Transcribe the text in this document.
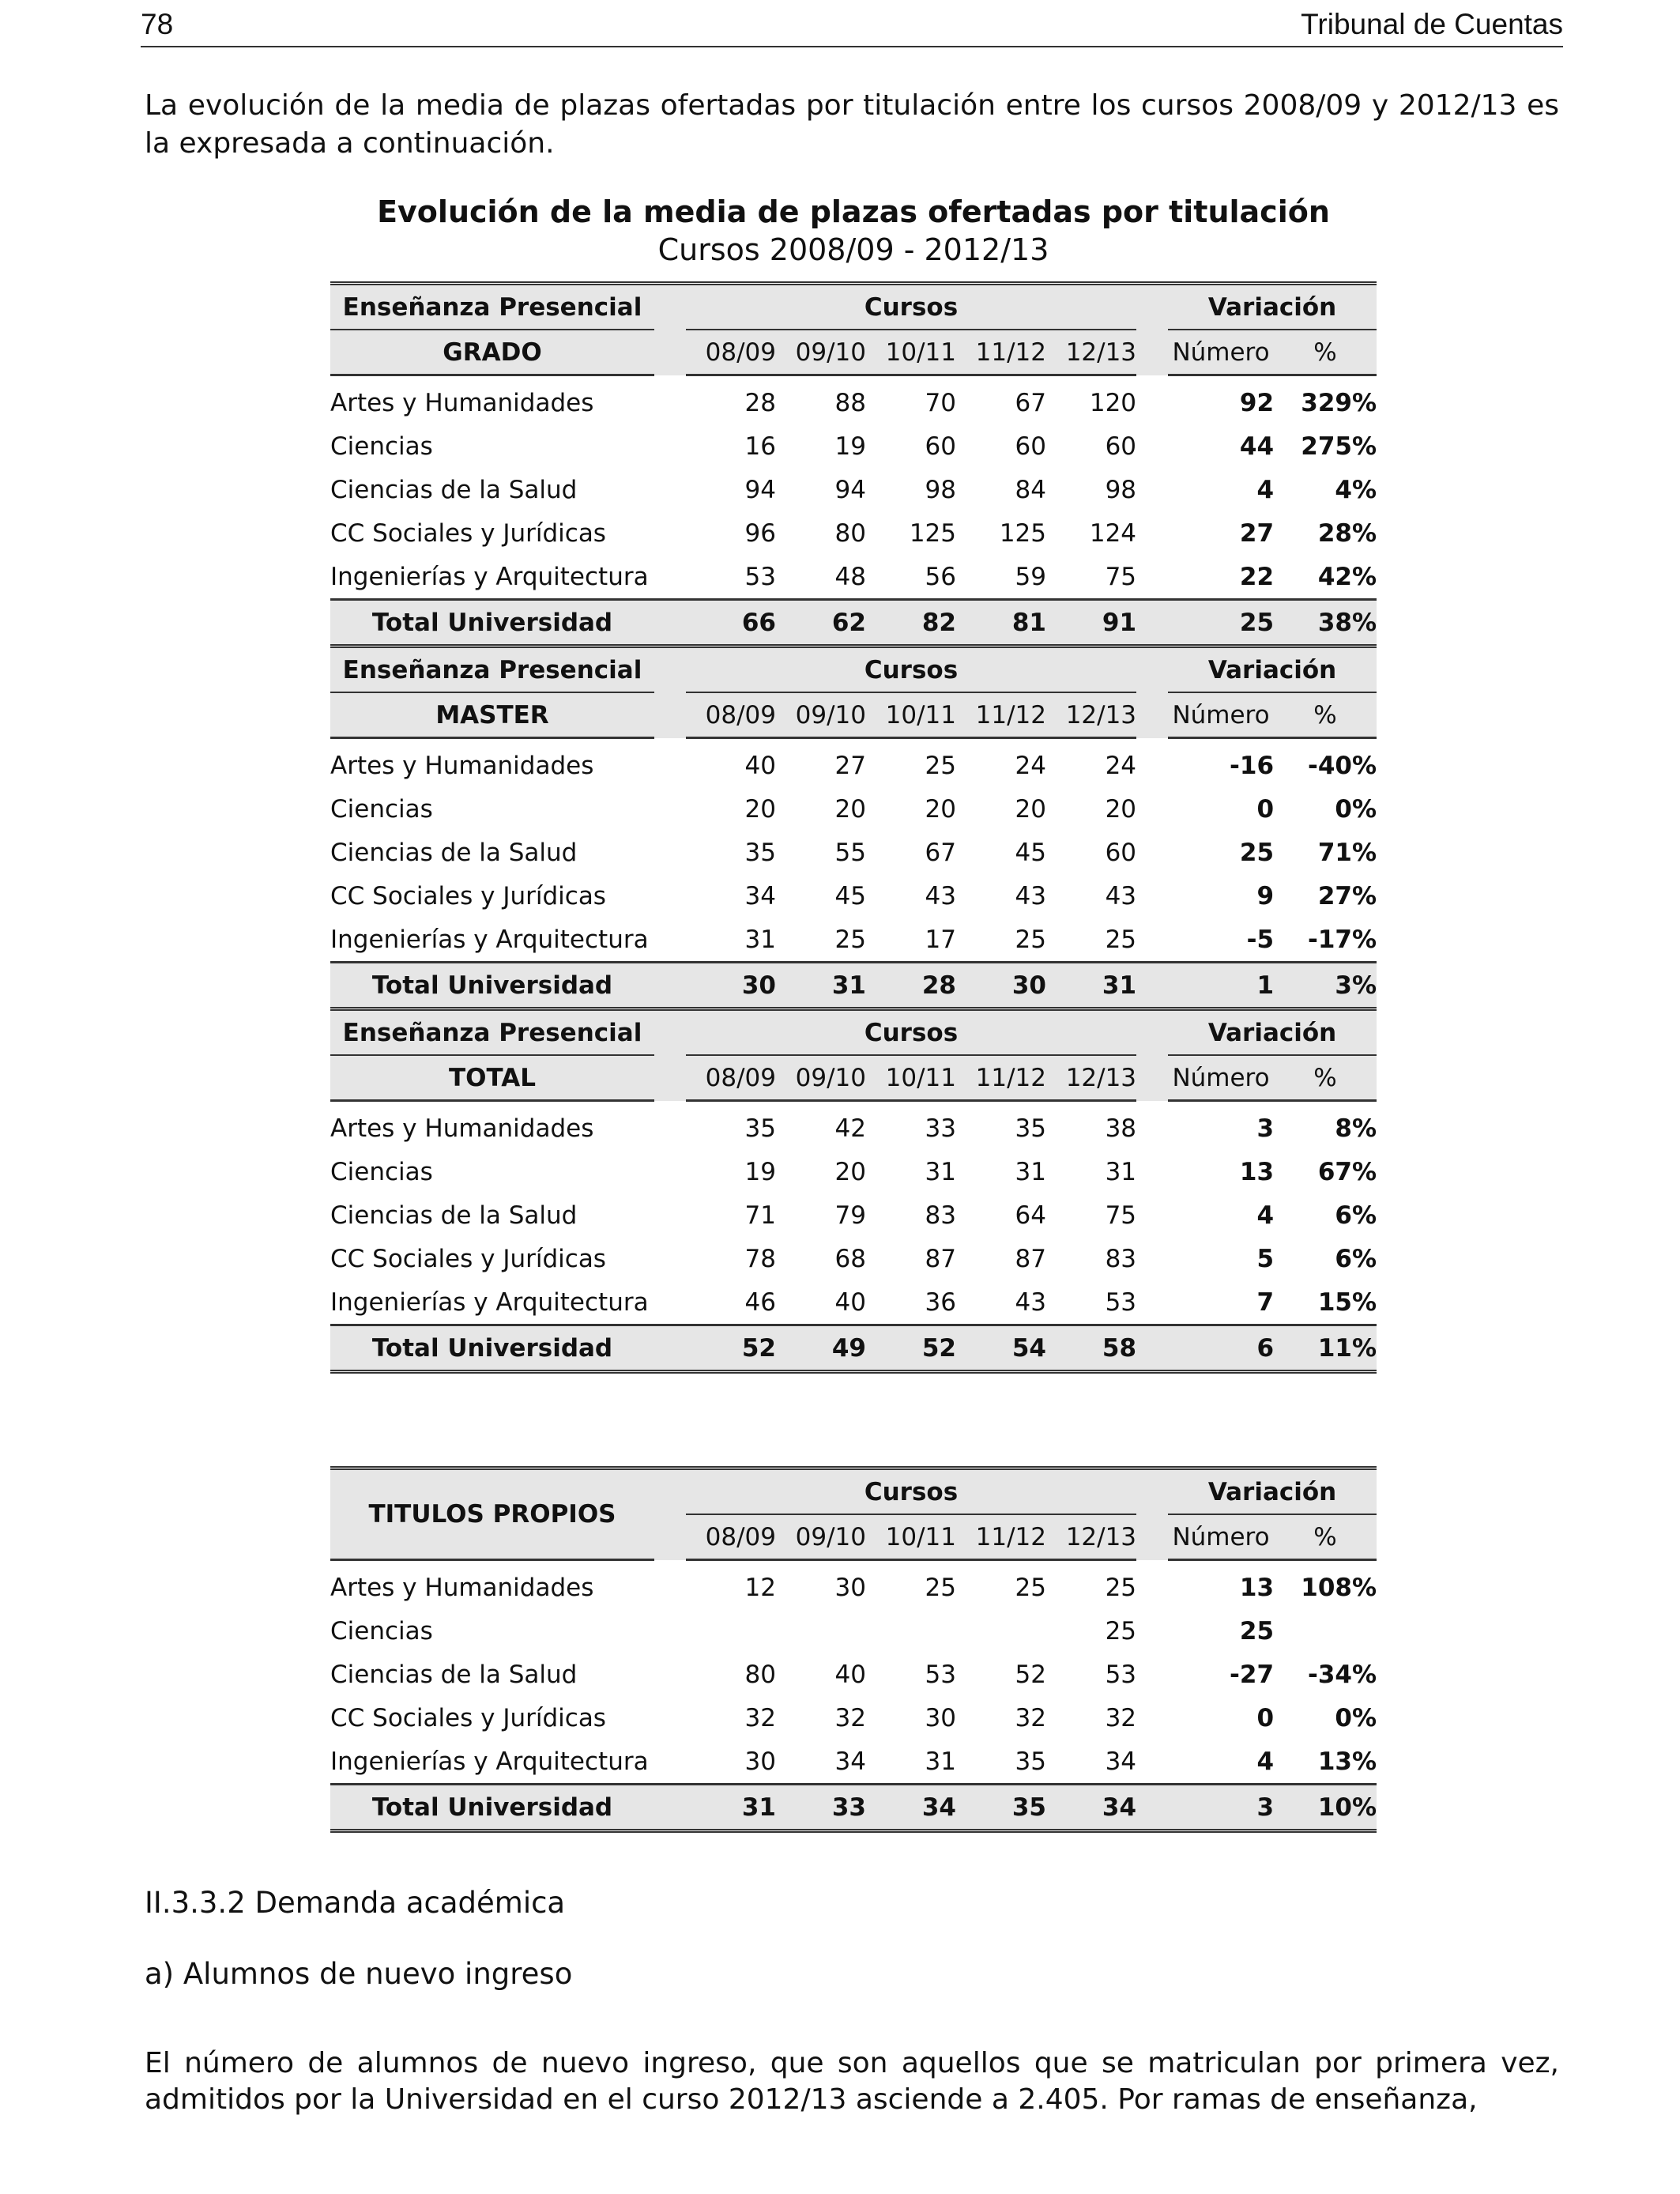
78	Tribunal de Cuentas
La evolución de la media de plazas ofertadas por titulación entre los cursos 2008/09 y 2012/13 es la expresada a continuación.
Evolución de la media de plazas ofertadas por titulación
Cursos 2008/09 - 2012/13
Enseñanza Presencial		Cursos						Variación	
GRADO		08/09	09/10	10/11	11/12	12/13		Número	%
Artes y Humanidades		28	88	70	67	120		92	329%
Ciencias		16	19	60	60	60		44	275%
Ciencias de la Salud		94	94	98	84	98		4	4%
CC Sociales y Jurídicas		96	80	125	125	124		27	28%
Ingenierías y Arquitectura		53	48	56	59	75		22	42%
Total Universidad		66	62	82	81	91		25	38%
Enseñanza Presencial		Cursos						Variación	
MASTER		08/09	09/10	10/11	11/12	12/13		Número	%
Artes y Humanidades		40	27	25	24	24		-16	-40%
Ciencias		20	20	20	20	20		0	0%
Ciencias de la Salud		35	55	67	45	60		25	71%
CC Sociales y Jurídicas		34	45	43	43	43		9	27%
Ingenierías y Arquitectura		31	25	17	25	25		-5	-17%
Total Universidad		30	31	28	30	31		1	3%
Enseñanza Presencial		Cursos						Variación	
TOTAL		08/09	09/10	10/11	11/12	12/13		Número	%
Artes y Humanidades		35	42	33	35	38		3	8%
Ciencias		19	20	31	31	31		13	67%
Ciencias de la Salud		71	79	83	64	75		4	6%
CC Sociales y Jurídicas		78	68	87	87	83		5	6%
Ingenierías y Arquitectura		46	40	36	43	53		7	15%
Total Universidad		52	49	52	54	58		6	11%
TITULOS PROPIOS		Cursos						Variación	
		08/09	09/10	10/11	11/12	12/13		Número	%
Artes y Humanidades		12	30	25	25	25		13	108%
Ciencias						25		25	
Ciencias de la Salud		80	40	53	52	53		-27	-34%
CC Sociales y Jurídicas		32	32	30	32	32		0	0%
Ingenierías y Arquitectura		30	34	31	35	34		4	13%
Total Universidad		31	33	34	35	34		3	10%
II.3.3.2 Demanda académica
a) Alumnos de nuevo ingreso
El número de alumnos de nuevo ingreso, que son aquellos que se matriculan por primera vez, admitidos por la Universidad en el curso 2012/13 asciende a 2.405. Por ramas de enseñanza,
